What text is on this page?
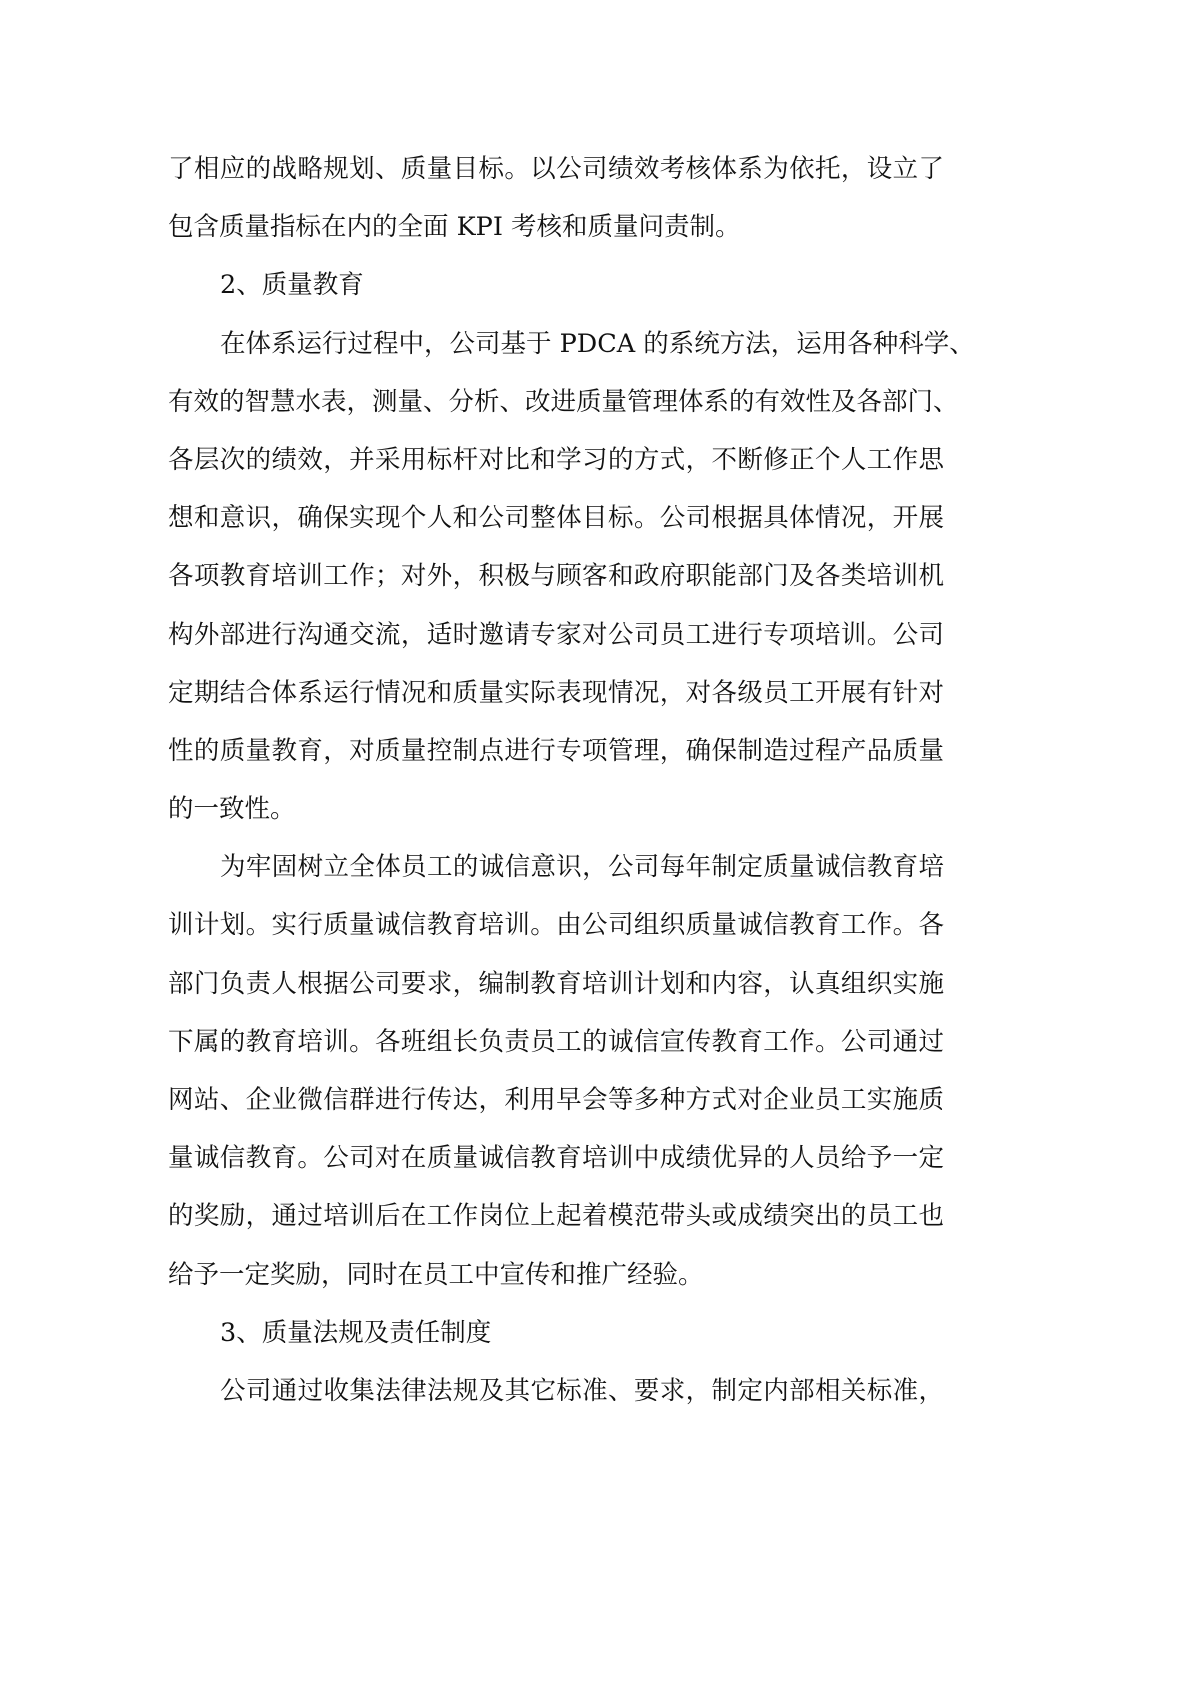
了相应的战略规划、质量目标。以公司绩效考核体系为依托，设立了
包含质量指标在内的全面 KPI 考核和质量问责制。
2、质量教育
在体系运行过程中，公司基于 PDCA 的系统方法，运用各种科学、
有效的智慧水表，测量、分析、改进质量管理体系的有效性及各部门、
各层次的绩效，并采用标杆对比和学习的方式，不断修正个人工作思
想和意识，确保实现个人和公司整体目标。公司根据具体情况，开展
各项教育培训工作；对外，积极与顾客和政府职能部门及各类培训机
构外部进行沟通交流，适时邀请专家对公司员工进行专项培训。公司
定期结合体系运行情况和质量实际表现情况，对各级员工开展有针对
性的质量教育，对质量控制点进行专项管理，确保制造过程产品质量
的一致性。
为牢固树立全体员工的诚信意识，公司每年制定质量诚信教育培
训计划。实行质量诚信教育培训。由公司组织质量诚信教育工作。各
部门负责人根据公司要求，编制教育培训计划和内容，认真组织实施
下属的教育培训。各班组长负责员工的诚信宣传教育工作。公司通过
网站、企业微信群进行传达，利用早会等多种方式对企业员工实施质
量诚信教育。公司对在质量诚信教育培训中成绩优异的人员给予一定
的奖励，通过培训后在工作岗位上起着模范带头或成绩突出的员工也
给予一定奖励，同时在员工中宣传和推广经验。
3、质量法规及责任制度
公司通过收集法律法规及其它标准、要求，制定内部相关标准，
